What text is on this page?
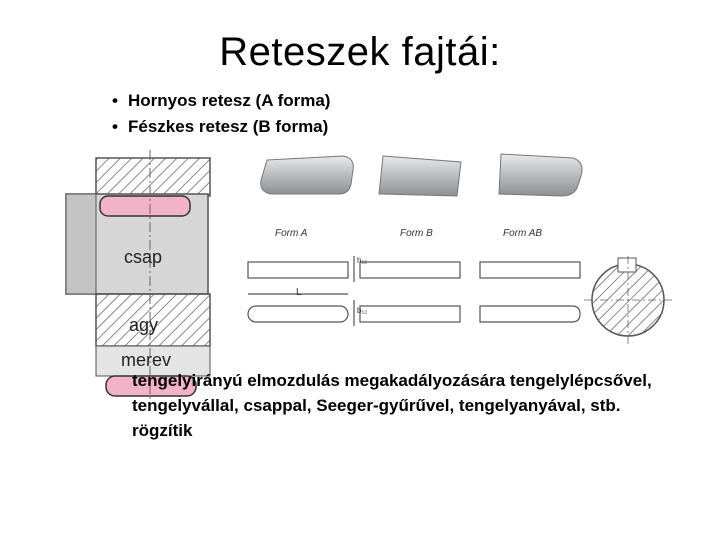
Reteszek fajtái:
• Hornyos retesz (A forma)
• Fészkes retesz (B forma)
csap
agy
merev
Form A	Form B	Form AB
L
h₁₂
b₁₂
tengelyirányú elmozdulás megakadályozására tengelylépcsővel, tengelyvállal, csappal, Seeger-gyűrűvel, tengelyanyával, stb. rögzítik
